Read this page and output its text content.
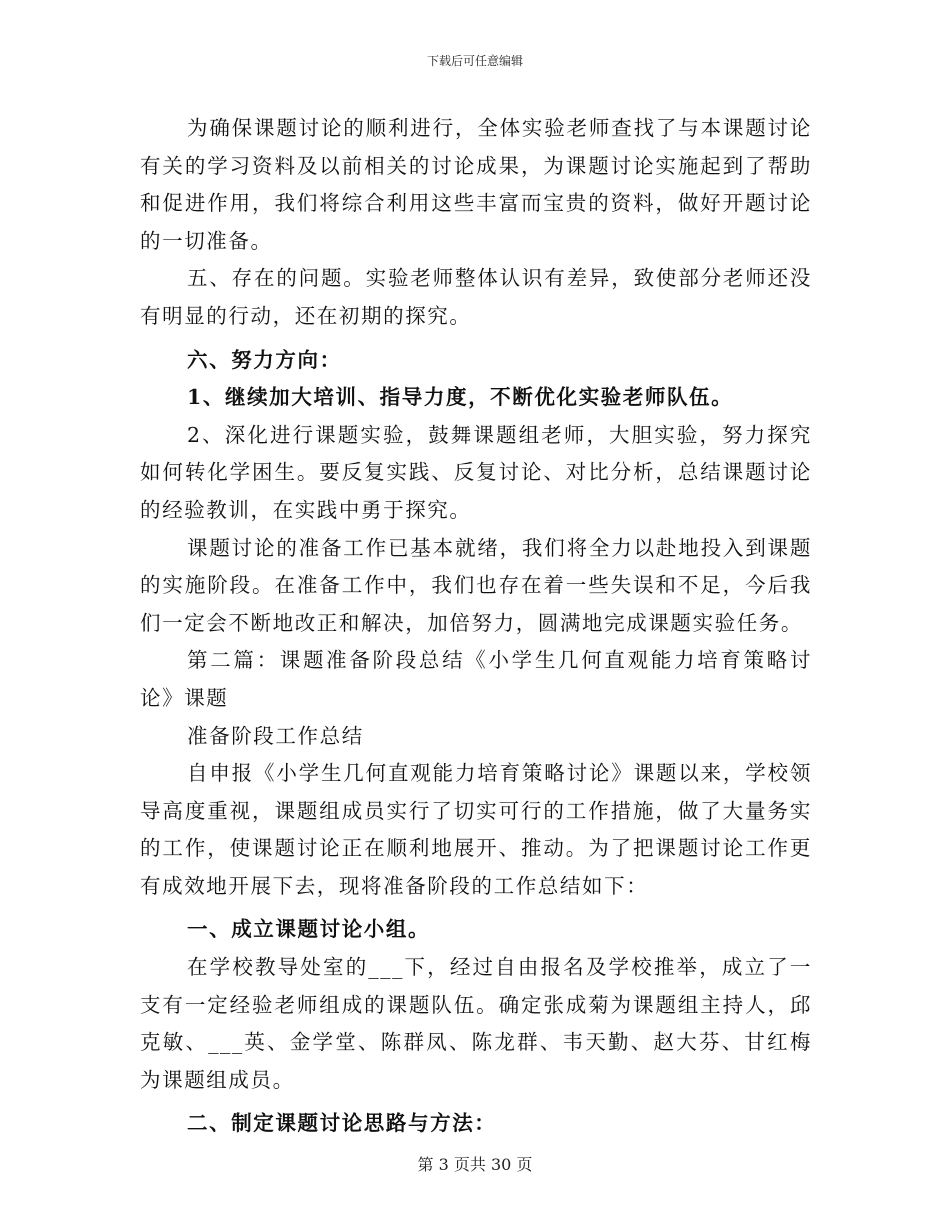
下载后可任意编辑

为确保课题讨论的顺利进行，全体实验老师查找了与本课题讨论有关的学习资料及以前相关的讨论成果，为课题讨论实施起到了帮助和促进作用，我们将综合利用这些丰富而宝贵的资料，做好开题讨论的一切准备。

五、存在的问题。实验老师整体认识有差异，致使部分老师还没有明显的行动，还在初期的探究。

六、努力方向：

1、继续加大培训、指导力度，不断优化实验老师队伍。

2、深化进行课题实验，鼓舞课题组老师，大胆实验，努力探究如何转化学困生。要反复实践、反复讨论、对比分析，总结课题讨论的经验教训，在实践中勇于探究。

课题讨论的准备工作已基本就绪，我们将全力以赴地投入到课题的实施阶段。在准备工作中，我们也存在着一些失误和不足，今后我们一定会不断地改正和解决，加倍努力，圆满地完成课题实验任务。

第二篇：课题准备阶段总结《小学生几何直观能力培育策略讨论》课题

准备阶段工作总结

自申报《小学生几何直观能力培育策略讨论》课题以来，学校领导高度重视，课题组成员实行了切实可行的工作措施，做了大量务实的工作，使课题讨论正在顺利地展开、推动。为了把课题讨论工作更有成效地开展下去，现将准备阶段的工作总结如下：

一、成立课题讨论小组。

在学校教导处室的___下，经过自由报名及学校推举，成立了一支有一定经验老师组成的课题队伍。确定张成菊为课题组主持人，邱克敏、___英、金学堂、陈群凤、陈龙群、韦天勤、赵大芬、甘红梅为课题组成员。

二、制定课题讨论思路与方法：

第 3 页共 30 页
